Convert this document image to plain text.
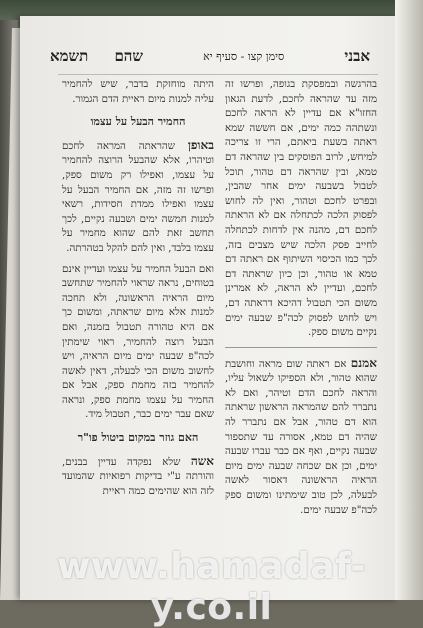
אבני
סימן קצו - סעיף יא
שהם     תשמא

בהרגשה ובמפסקת בגופה, ופרשו זה מזה עד שהראה לחכם, לדעת הגאון החזו"א אם עדיין לא הראה לחכם ונשתהה כמה ימים, אם חששה שמא ראתה בשעת ביאתם, הרי זו צריכה למיחש, לרוב הפוסקים בין שהראה דם טמא, ובין שהראה דם טהור, תוכל לטבול בשבעה ימים אחר שהבין, ובפרט לחכם וטהור, ואין לה לחוש לפסוק הלכה לכתחלה אם לא הראתה לחכם דם, מהנה אין לדחות לכתחלה לחייב פסק הלכה שיש מצבים בזה, לכך כמו הכיסוי השיתוף אם ראתה דם טמא או טהור, וכן כיון שראתה דם לחכם, ועדיין לא הראה, לא אמרינן משום הכי תטבול דהיכא דראתה דם, ויש לחוש לפסוק לכה"פ שבעה ימים נקיים משום ספק.

אמנם אם ראתה שום מראה וחושבת שהוא טהור, ולא הספיקו לשאול עליו, והראה לחכם הדם וטיהר, ואם לא נתברר להם שהמראה הראשון שראתה הוא דם טהור, אבל אם נתברר לה שהיה דם טמא, אסורה עד שתספור שבעה נקיים, ואף אם כבר עברו שבעה ימים, וכן אם שכחה שבעה ימים מיום הראיה הראשונה דאסור לאשה לבעלה, לכן טוב שימתינו ומשום ספק לכה"פ שבעה ימים.

היתה מוחזקת בדבר, שיש להחמיר עליה למנות מיום ראיית הדם הגמור.

החמיר הבעל על עצמו

באופן שהראתה המראה לחכם וטיהרו, אלא שהבעל הרוצה להחמיר על עצמו, ואפילו רק משום ספק, ופרשו זה מזה, אם החמיר הבעל על עצמו ואפילו ממדת חסידות, רשאי למנות חמשה ימים ושבעה נקיים, לכך תחשב זאת להם שהוא מחמיר על עצמו בלבד, ואין להם להקל בטהרתה.

ואם הבעל החמיר על עצמו ועדיין אינם בטוחים, נראה שראוי להחמיר שתחשב מיום הראיה הראשונה, ולא תחכה למנות אלא מיום שראתה, ומשום כך אם היא טהורה תטבול בזמנה, ואם הבעל רוצה להחמיר, ראוי שימתין לכה"פ שבעה ימים מיום הראיה, ויש לחשוב משום הכי לבעלה, דאין לאשה להחמיר בזה מחמת ספק, אבל אם החמיר על עצמו מחמת ספק, ונראה שאם עבר ימים כבר, תטבול מיד.

האם גוזר במקום ביטול פו"ר

אשה שלא נפקדה עדיין בבנים, והורתה ע"י בדיקות רפואיות שהמועד לזה הוא שהימים כמה ראיית

www.hamadaf-y.co.il
